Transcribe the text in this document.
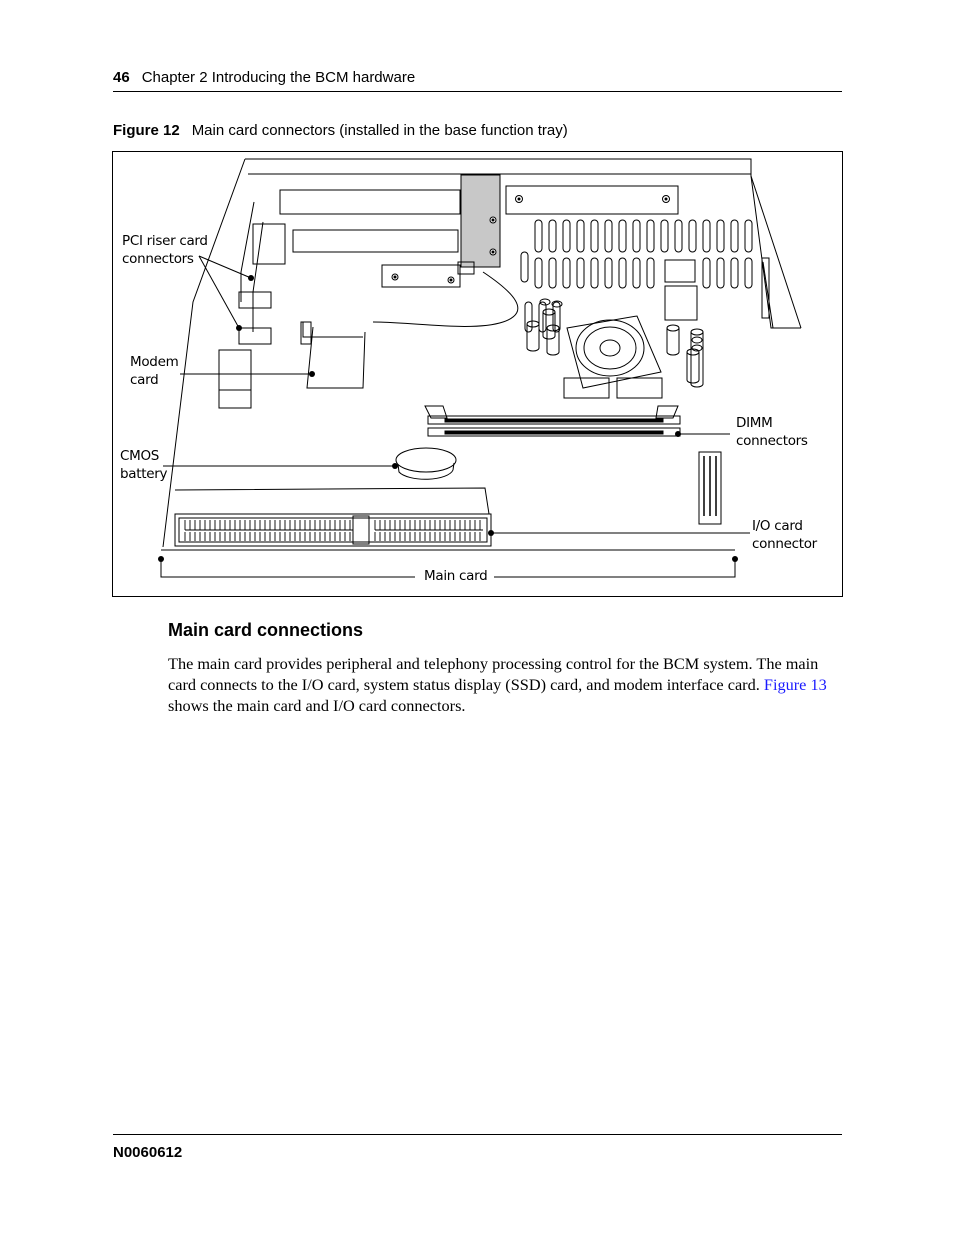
46 Chapter 2 Introducing the BCM hardware
Figure 12 Main card connectors (installed in the base function tray)
PCI riser card
connectors
Modem
card
CMOS
battery
DIMM
connectors
I/O card
connector
Main card
Main card connections

The main card provides peripheral and telephony processing control for the BCM system. The main card connects to the I/O card, system status display (SSD) card, and modem interface card. Figure 13 shows the main card and I/O card connectors.

N0060612
